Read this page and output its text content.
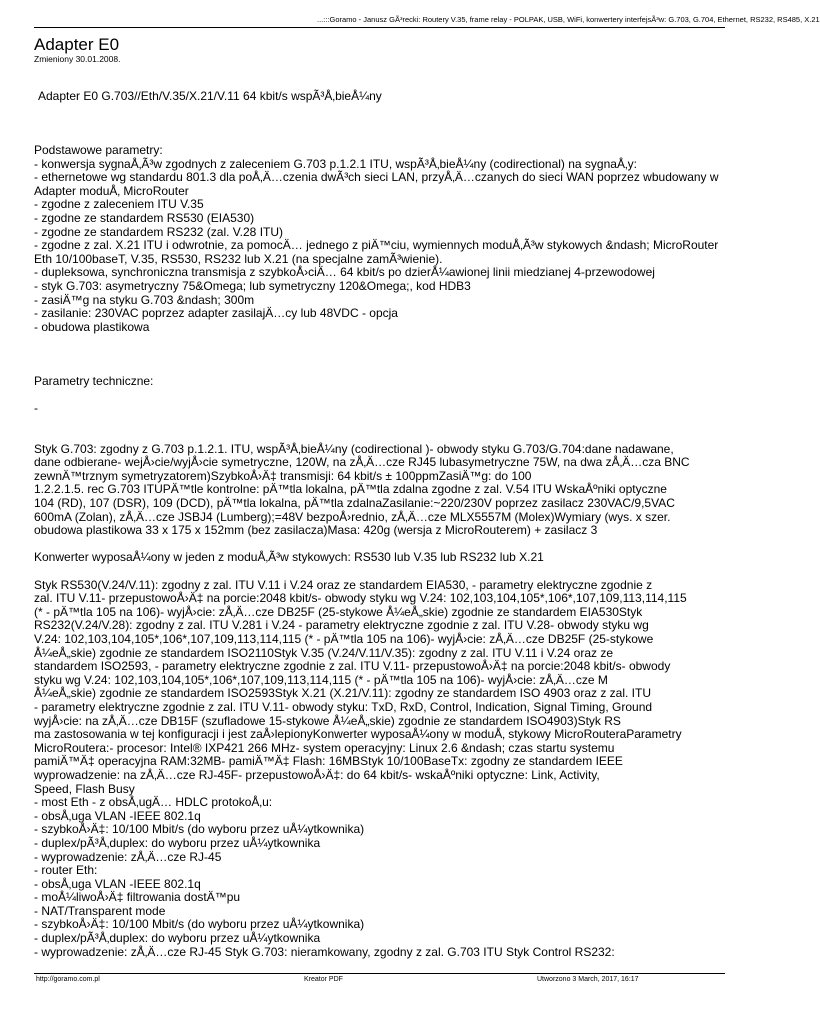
...:::Goramo - Janusz GÃ³recki: Routery V.35, frame relay - POLPAK, USB, WiFi, konwertery interfejsÃ³w: G.703, G.704, Ethernet, RS232, RS485, X.21
Adapter E0
Zmieniony 30.01.2008.
Adapter E0 G.703//Eth/V.35/X.21/V.11 64 kbit/s wspÃ³Å‚bieÅ¼ny
Podstawowe parametry:
- konwersja sygnaÅ‚Ã³w zgodnych z zaleceniem G.703 p.1.2.1 ITU, wspÃ³Å‚bieÅ¼ny (codirectional) na sygnaÅ‚y:
- ethernetowe wg standardu 801.3 dla poÅ‚Ä…czenia dwÃ³ch sieci LAN, przyÅ‚Ä…czanych do sieci WAN poprzez wbudowany w
Adapter moduÅ‚ MicroRouter
- zgodne z zaleceniem ITU V.35
- zgodne ze standardem RS530 (EIA530)
- zgodne ze standardem RS232 (zal. V.28 ITU)
- zgodne z zal. X.21 ITU i odwrotnie, za pomocÄ… jednego z piÄ™ciu, wymiennych moduÅ‚Ã³w stykowych &ndash; MicroRouter
Eth 10/100baseT, V.35, RS530, RS232 lub X.21 (na specjalne zamÃ³wienie).
- dupleksowa, synchroniczna transmisja z szybkoÅ›ciÄ… 64 kbit/s po dzierÅ¼awionej linii miedzianej 4-przewodowej
- styk G.703: asymetryczny 75&Omega; lub symetryczny 120&Omega;, kod HDB3
- zasiÄ™g na styku G.703 &ndash; 300m
- zasilanie: 230VAC poprzez adapter zasilajÄ…cy lub 48VDC - opcja
- obudowa plastikowa
Parametry techniczne:
-
Styk G.703: zgodny z G.703 p.1.2.1. ITU, wspÃ³Å‚bieÅ¼ny (codirectional )- obwody styku G.703/G.704:dane nadawane,
dane odbierane- wejÅ›cie/wyjÅ›cie symetryczne, 120W, na zÅ‚Ä…cze RJ45 lubasymetryczne 75W, na dwa zÅ‚Ä…cza BNC
zewnÄ™trznym symetryzatorem)SzybkoÅ›Ä‡ transmisji: 64 kbit/s ± 100ppmZasiÄ™g: do 100
1.2.2.1.5. rec G.703 ITUPÄ™tle kontrolne: pÄ™tla lokalna, pÄ™tla zdalna zgodne z zal. V.54 ITU WskaÅºniki optyczne
104 (RD), 107 (DSR), 109 (DCD), pÄ™tla lokalna, pÄ™tla zdalnaZasilanie:~220/230V poprzez zasilacz 230VAC/9,5VAC
600mA (Zolan), zÅ‚Ä…cze JSBJ4 (Lumberg);=48V bezpoÅ›rednio, zÅ‚Ä…cze MLX5557M (Molex)Wymiary (wys. x szer.
obudowa plastikowa 33 x 175 x 152mm (bez zasilacza)Masa: 420g (wersja z MicroRouterem) + zasilacz 3
Konwerter wyposaÅ¼ony w jeden z moduÅ‚Ã³w stykowych: RS530 lub V.35 lub RS232 lub X.21
Styk RS530(V.24/V.11): zgodny z zal. ITU V.11 i V.24 oraz ze standardem EIA530, - parametry elektryczne zgodnie z
zal. ITU V.11- przepustowoÅ›Ä‡ na porcie:2048 kbit/s- obwody styku wg V.24: 102,103,104,105*,106*,107,109,113,114,115
(* - pÄ™tla 105 na 106)- wyjÅ›cie: zÅ‚Ä…cze DB25F (25-stykowe Å¼eÅ„skie) zgodnie ze standardem EIA530Styk
RS232(V.24/V.28): zgodny z zal. ITU V.281 i V.24 - parametry elektryczne zgodnie z zal. ITU V.28- obwody styku wg
V.24: 102,103,104,105*,106*,107,109,113,114,115 (* - pÄ™tla 105 na 106)- wyjÅ›cie: zÅ‚Ä…cze DB25F (25-stykowe
Å¼eÅ„skie) zgodnie ze standardem ISO2110Styk V.35 (V.24/V.11/V.35): zgodny z zal. ITU V.11 i V.24 oraz ze
standardem ISO2593, - parametry elektryczne zgodnie z zal. ITU V.11- przepustowoÅ›Ä‡ na porcie:2048 kbit/s- obwody
styku wg V.24: 102,103,104,105*,106*,107,109,113,114,115 (* - pÄ™tla 105 na 106)- wyjÅ›cie: zÅ‚Ä…cze M
Å¼eÅ„skie) zgodnie ze standardem ISO2593Styk X.21 (X.21/V.11): zgodny ze standardem ISO 4903 oraz z zal. ITU
- parametry elektryczne zgodnie z zal. ITU V.11- obwody styku: TxD, RxD, Control, Indication, Signal Timing, Ground
wyjÅ›cie: na zÅ‚Ä…cze DB15F (szufladowe 15-stykowe Å¼eÅ„skie) zgodnie ze standardem ISO4903)Styk RS
ma zastosowania w tej konfiguracji i jest zaÅ›lepionyKonwerter wyposaÅ¼ony w moduÅ‚ stykowy MicroRouteraParametry
MicroRoutera:- procesor: Intel® IXP421 266 MHz- system operacyjny: Linux 2.6 &ndash; czas startu systemu
pamiÄ™Ä‡ operacyjna RAM:32MB- pamiÄ™Ä‡ Flash: 16MBStyk 10/100BaseTx: zgodny ze standardem IEEE
wyprowadzenie: na zÅ‚Ä…cze RJ-45F- przepustowoÅ›Ä‡: do 64 kbit/s- wskaÅºniki optyczne: Link, Activity,
Speed, Flash Busy
- most Eth - z obsÅ‚ugÄ… HDLC protokoÅ‚u:
- obsÅ‚uga VLAN -IEEE 802.1q
- szybkoÅ›Ä‡: 10/100 Mbit/s (do wyboru przez uÅ¼ytkownika)
- duplex/pÃ³Å‚duplex: do wyboru przez uÅ¼ytkownika
- wyprowadzenie: zÅ‚Ä…cze RJ-45
- router Eth:
- obsÅ‚uga VLAN -IEEE 802.1q
- moÅ¼liwoÅ›Ä‡ filtrowania dostÄ™pu
- NAT/Transparent mode
- szybkoÅ›Ä‡: 10/100 Mbit/s (do wyboru przez uÅ¼ytkownika)
- duplex/pÃ³Å‚duplex: do wyboru przez uÅ¼ytkownika
- wyprowadzenie: zÅ‚Ä…cze RJ-45 Styk G.703: nieramkowany, zgodny z zal. G.703 ITU Styk Control RS232:
http://goramo.com.pl	Kreator PDF	Utworzono 3 March, 2017, 16:17
